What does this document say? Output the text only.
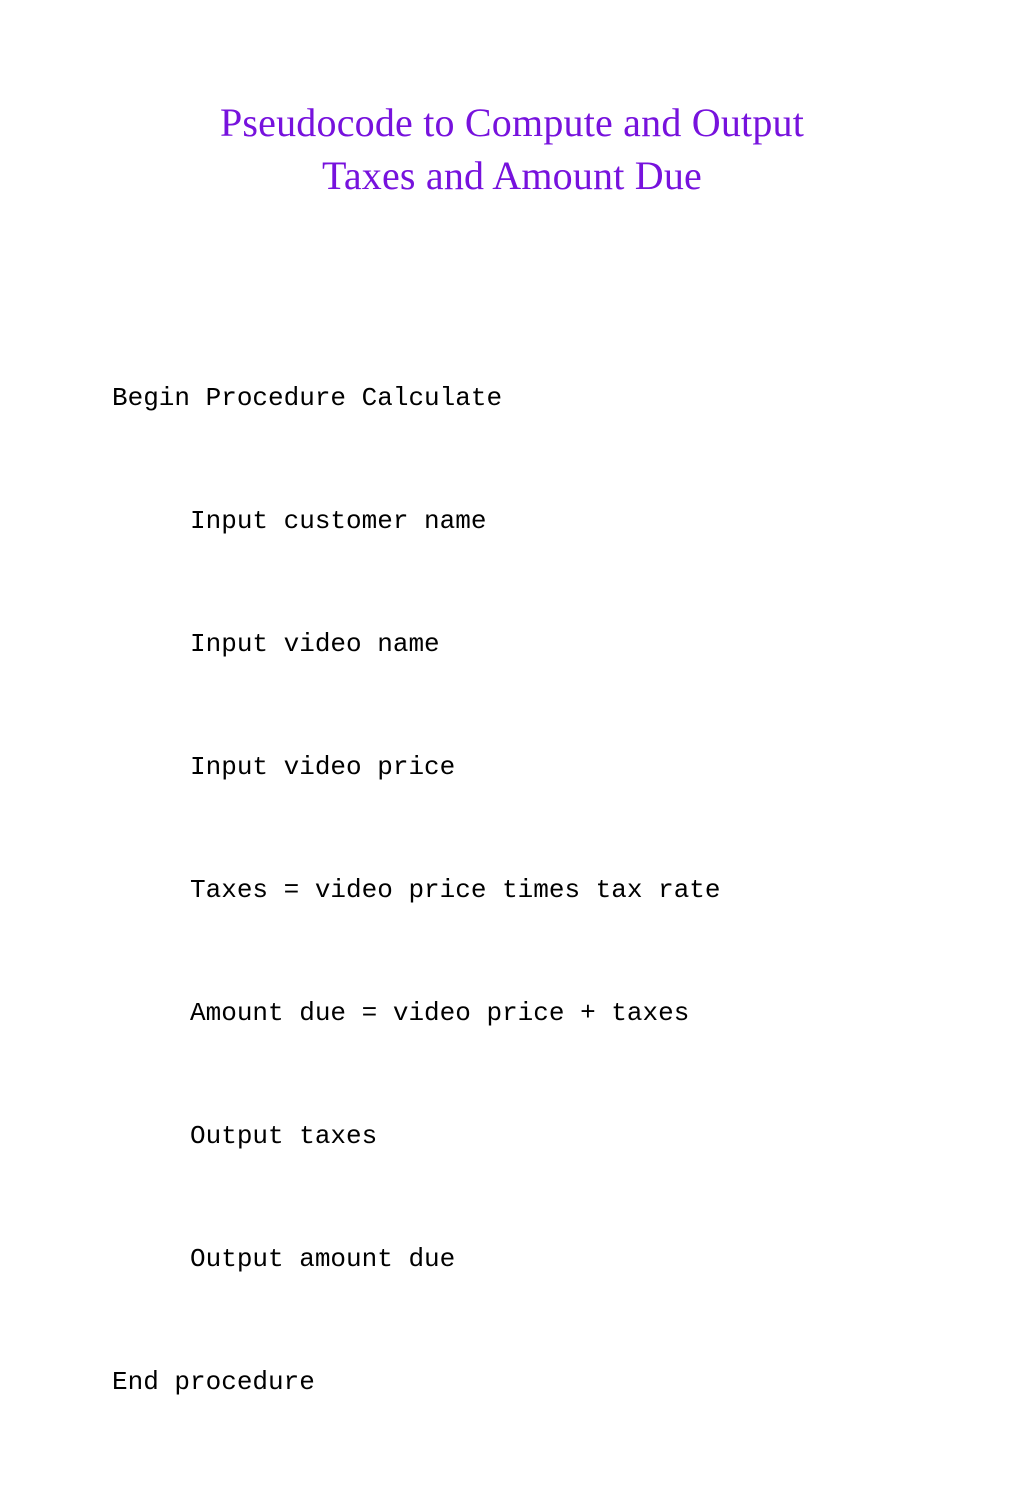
Pseudocode to Compute and Output
Taxes and Amount Due

Begin Procedure Calculate

Input customer name

Input video name

Input video price

Taxes = video price times tax rate

Amount due = video price + taxes

Output taxes

Output amount due

End procedure
